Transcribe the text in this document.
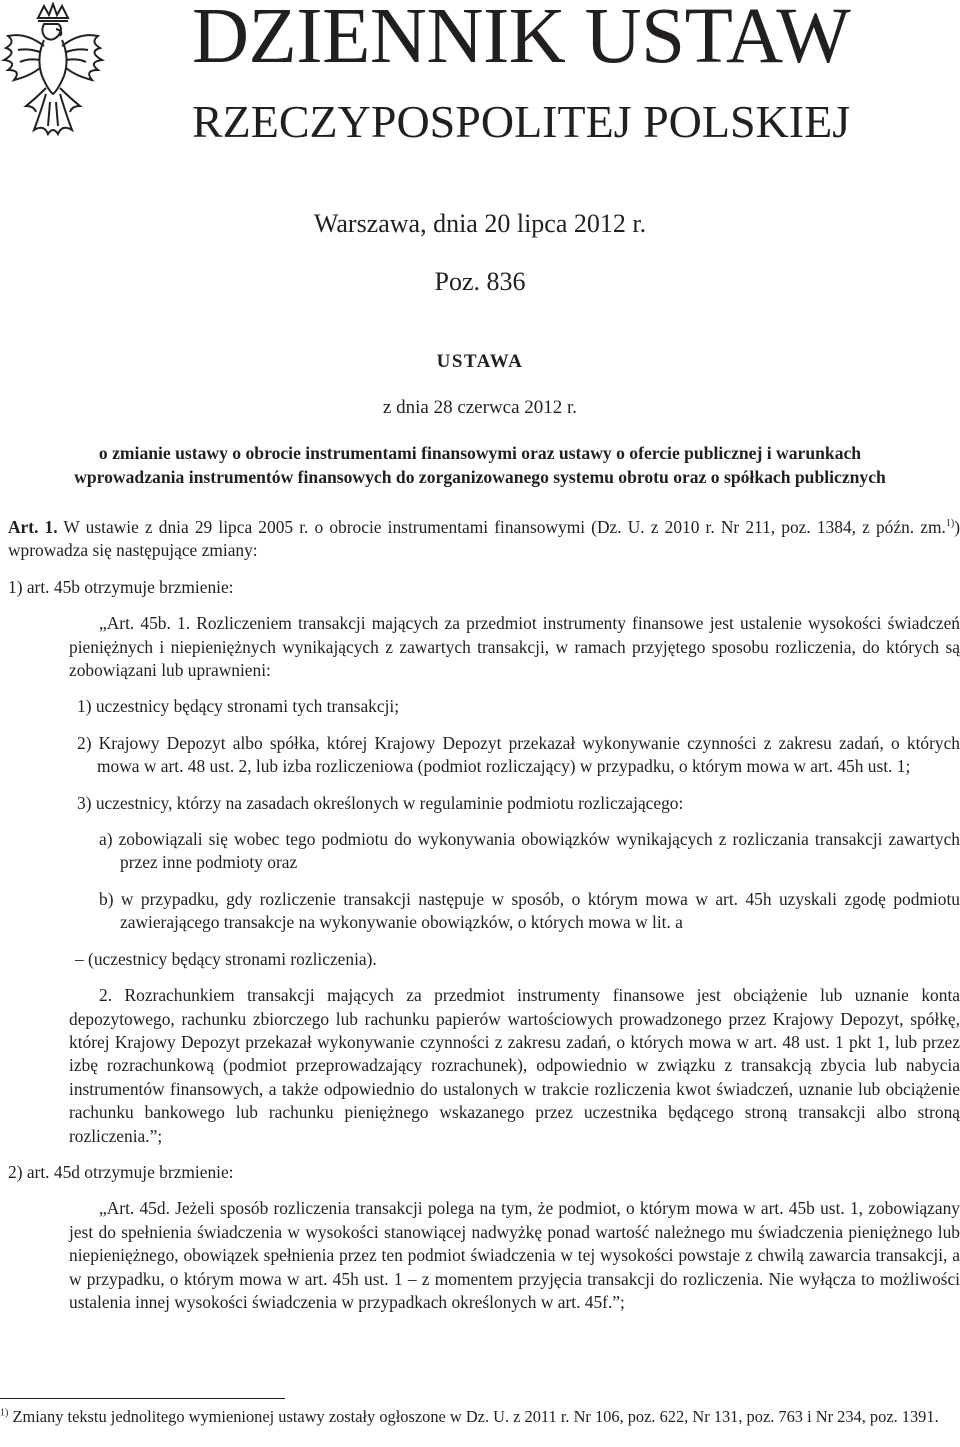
DZIENNIK USTAW
RZECZYPOSPOLITEJ POLSKIEJ
Warszawa, dnia 20 lipca 2012 r.
Poz. 836
USTAWA
z dnia 28 czerwca 2012 r.
o zmianie ustawy o obrocie instrumentami finansowymi oraz ustawy o ofercie publicznej i warunkach
wprowadzania instrumentów finansowych do zorganizowanego systemu obrotu oraz o spółkach publicznych

Art. 1. W ustawie z dnia 29 lipca 2005 r. o obrocie instrumentami finansowymi (Dz. U. z 2010 r. Nr 211, poz. 1384, z późn. zm.$^{1)}$) wprowadza się następujące zmiany:

1) art. 45b otrzymuje brzmienie:

„Art. 45b. 1. Rozliczeniem transakcji mających za przedmiot instrumenty finansowe jest ustalenie wysokości świadczeń pieniężnych i niepieniężnych wynikających z zawartych transakcji, w ramach przyjętego sposobu rozliczenia, do których są zobowiązani lub uprawnieni:

1) uczestnicy będący stronami tych transakcji;

2) Krajowy Depozyt albo spółka, której Krajowy Depozyt przekazał wykonywanie czynności z zakresu zadań, o których mowa w art. 48 ust. 2, lub izba rozliczeniowa (podmiot rozliczający) w przypadku, o którym mowa w art. 45h ust. 1;

3) uczestnicy, którzy na zasadach określonych w regulaminie podmiotu rozliczającego:

a) zobowiązali się wobec tego podmiotu do wykonywania obowiązków wynikających z rozliczania transakcji zawartych przez inne podmioty oraz

b) w przypadku, gdy rozliczenie transakcji następuje w sposób, o którym mowa w art. 45h uzyskali zgodę podmiotu zawierającego transakcje na wykonywanie obowiązków, o których mowa w lit. a

– (uczestnicy będący stronami rozliczenia).

2. Rozrachunkiem transakcji mających za przedmiot instrumenty finansowe jest obciążenie lub uznanie konta depozytowego, rachunku zbiorczego lub rachunku papierów wartościowych prowadzonego przez Krajowy Depozyt, spółkę, której Krajowy Depozyt przekazał wykonywanie czynności z zakresu zadań, o których mowa w art. 48 ust. 1 pkt 1, lub przez izbę rozrachunkową (podmiot przeprowadzający rozrachunek), odpowiednio w związku z transakcją zbycia lub nabycia instrumentów finansowych, a także odpowiednio do ustalonych w trakcie rozliczenia kwot świadczeń, uznanie lub obciążenie rachunku bankowego lub rachunku pieniężnego wskazanego przez uczestnika będącego stroną transakcji albo stroną rozliczenia.”;

2) art. 45d otrzymuje brzmienie:

„Art. 45d. Jeżeli sposób rozliczenia transakcji polega na tym, że podmiot, o którym mowa w art. 45b ust. 1, zobowiązany jest do spełnienia świadczenia w wysokości stanowiącej nadwyżkę ponad wartość należnego mu świadczenia pieniężnego lub niepieniężnego, obowiązek spełnienia przez ten podmiot świadczenia w tej wysokości powstaje z chwilą zawarcia transakcji, a w przypadku, o którym mowa w art. 45h ust. 1 – z momentem przyjęcia transakcji do rozliczenia. Nie wyłącza to możliwości ustalenia innej wysokości świadczenia w przypadkach określonych w art. 45f.”;

$^{1)}$ Zmiany tekstu jednolitego wymienionej ustawy zostały ogłoszone w Dz. U. z 2011 r. Nr 106, poz. 622, Nr 131, poz. 763 i Nr 234, poz. 1391.
